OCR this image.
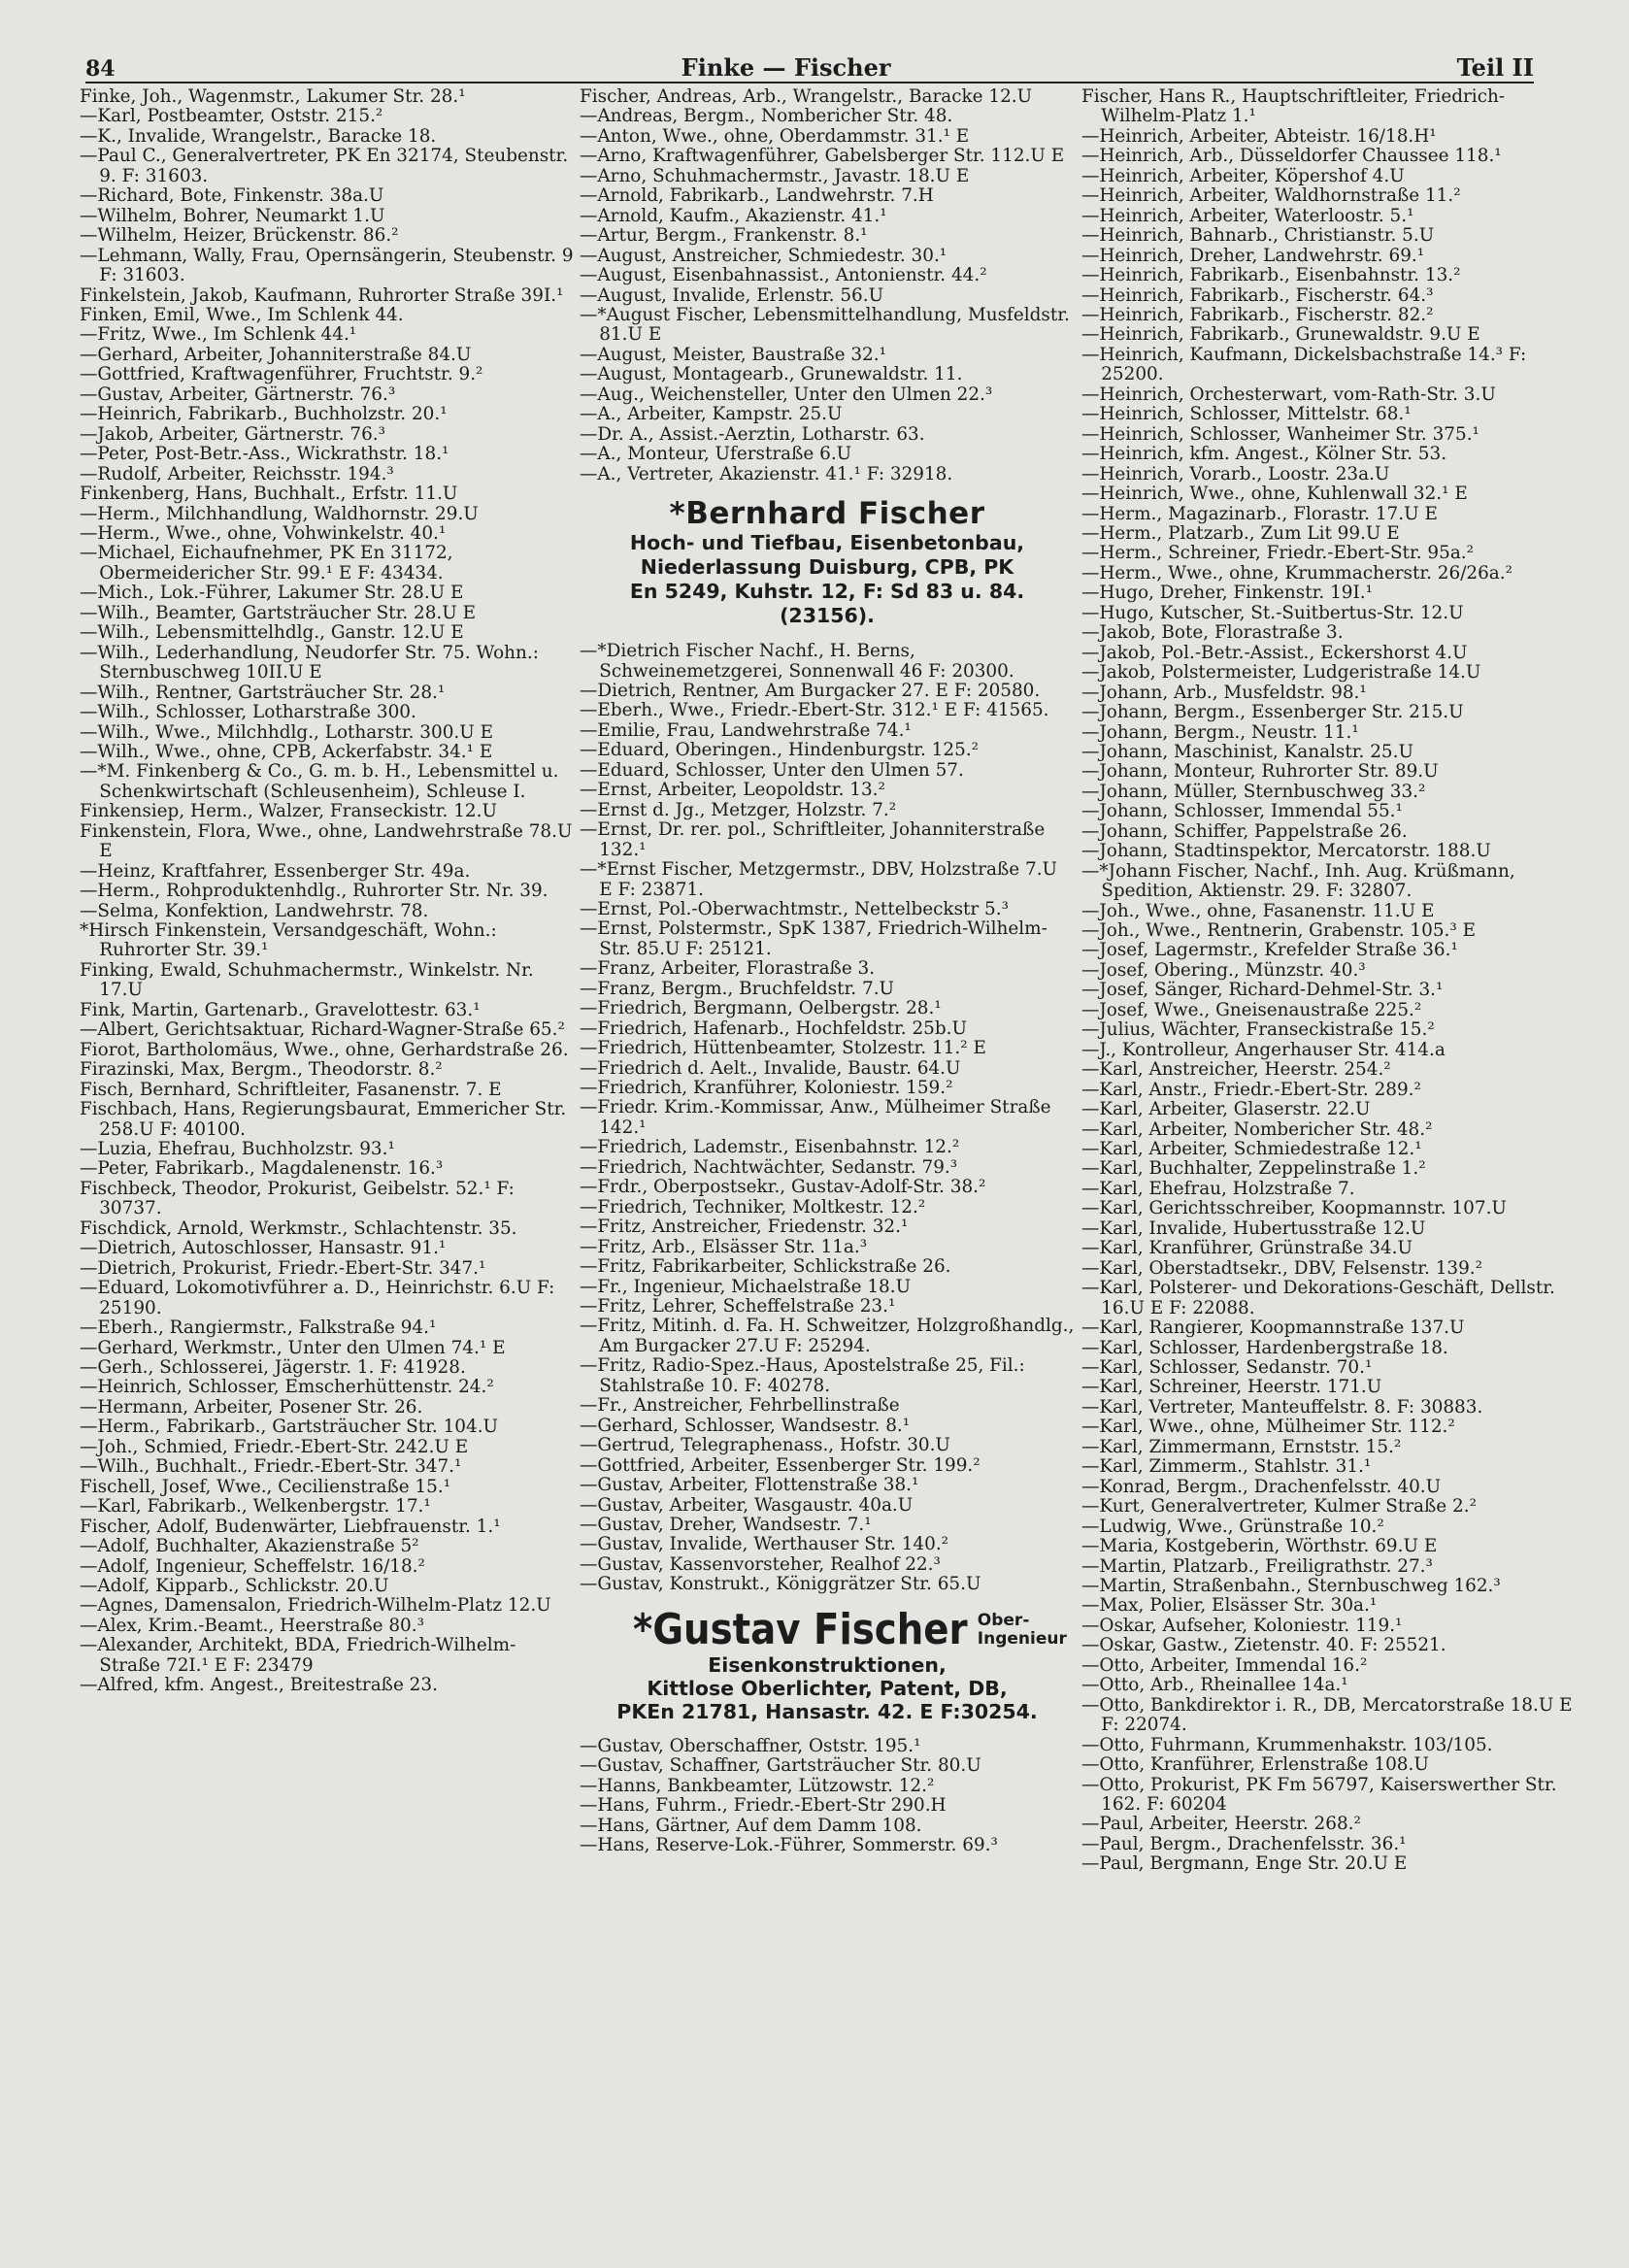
84	Finke — Fischer	Teil II

Finke, Joh., Wagenmstr., Lakumer Str. 28.¹

—Karl, Postbeamter, Oststr. 215.²

—K., Invalide, Wrangelstr., Baracke 18.

—Paul C., Generalvertreter, PK En 32174, Steubenstr. 9. F: 31603.

—Richard, Bote, Finkenstr. 38a.U

—Wilhelm, Bohrer, Neumarkt 1.U

—Wilhelm, Heizer, Brückenstr. 86.²

—Lehmann, Wally, Frau, Opernsängerin, Steubenstr. 9 F: 31603.

Finkelstein, Jakob, Kaufmann, Ruhrorter Straße 39I.¹

Finken, Emil, Wwe., Im Schlenk 44.

—Fritz, Wwe., Im Schlenk 44.¹

—Gerhard, Arbeiter, Johanniterstraße 84.U

—Gottfried, Kraftwagenführer, Fruchtstr. 9.²

—Gustav, Arbeiter, Gärtnerstr. 76.³

—Heinrich, Fabrikarb., Buchholzstr. 20.¹

—Jakob, Arbeiter, Gärtnerstr. 76.³

—Peter, Post-Betr.-Ass., Wickrathstr. 18.¹

—Rudolf, Arbeiter, Reichsstr. 194.³

Finkenberg, Hans, Buchhalt., Erfstr. 11.U

—Herm., Milchhandlung, Waldhornstr. 29.U

—Herm., Wwe., ohne, Vohwinkelstr. 40.¹

—Michael, Eichaufnehmer, PK En 31172, Obermeidericher Str. 99.¹ E F: 43434.

—Mich., Lok.-Führer, Lakumer Str. 28.U E

—Wilh., Beamter, Gartsträucher Str. 28.U E

—Wilh., Lebensmittelhdlg., Ganstr. 12.U E

—Wilh., Lederhandlung, Neudorfer Str. 75. Wohn.: Sternbuschweg 10II.U E

—Wilh., Rentner, Gartsträucher Str. 28.¹

—Wilh., Schlosser, Lotharstraße 300.

—Wilh., Wwe., Milchhdlg., Lotharstr. 300.U E

—Wilh., Wwe., ohne, CPB, Ackerfabstr. 34.¹ E

—*M. Finkenberg & Co., G. m. b. H., Lebensmittel u. Schenkwirtschaft (Schleusenheim), Schleuse I.

Finkensiep, Herm., Walzer, Franseckistr. 12.U

Finkenstein, Flora, Wwe., ohne, Landwehrstraße 78.U E

—Heinz, Kraftfahrer, Essenberger Str. 49a.

—Herm., Rohproduktenhdlg., Ruhrorter Str. Nr. 39.

—Selma, Konfektion, Landwehrstr. 78.

*Hirsch Finkenstein, Versandgeschäft, Wohn.: Ruhrorter Str. 39.¹

Finking, Ewald, Schuhmachermstr., Winkelstr. Nr. 17.U

Fink, Martin, Gartenarb., Gravelottestr. 63.¹

—Albert, Gerichtsaktuar, Richard-Wagner-Straße 65.²

Fiorot, Bartholomäus, Wwe., ohne, Gerhardstraße 26.

Firazinski, Max, Bergm., Theodorstr. 8.²

Fisch, Bernhard, Schriftleiter, Fasanenstr. 7. E

Fischbach, Hans, Regierungsbaurat, Emmericher Str. 258.U F: 40100.

—Luzia, Ehefrau, Buchholzstr. 93.¹

—Peter, Fabrikarb., Magdalenenstr. 16.³

Fischbeck, Theodor, Prokurist, Geibelstr. 52.¹ F: 30737.

Fischdick, Arnold, Werkmstr., Schlachtenstr. 35.

—Dietrich, Autoschlosser, Hansastr. 91.¹

—Dietrich, Prokurist, Friedr.-Ebert-Str. 347.¹

—Eduard, Lokomotivführer a. D., Heinrichstr. 6.U F: 25190.

—Eberh., Rangiermstr., Falkstraße 94.¹

—Gerhard, Werkmstr., Unter den Ulmen 74.¹ E

—Gerh., Schlosserei, Jägerstr. 1. F: 41928.

—Heinrich, Schlosser, Emscherhüttenstr. 24.²

—Hermann, Arbeiter, Posener Str. 26.

—Herm., Fabrikarb., Gartsträucher Str. 104.U

—Joh., Schmied, Friedr.-Ebert-Str. 242.U E

—Wilh., Buchhalt., Friedr.-Ebert-Str. 347.¹

Fischell, Josef, Wwe., Cecilienstraße 15.¹

—Karl, Fabrikarb., Welkenbergstr. 17.¹

Fischer, Adolf, Budenwärter, Liebfrauenstr. 1.¹

—Adolf, Buchhalter, Akazienstraße 5²

—Adolf, Ingenieur, Scheffelstr. 16/18.²

—Adolf, Kipparb., Schlickstr. 20.U

—Agnes, Damensalon, Friedrich-Wilhelm-Platz 12.U

—Alex, Krim.-Beamt., Heerstraße 80.³

—Alexander, Architekt, BDA, Friedrich-Wilhelm-Straße 72I.¹ E F: 23479

—Alfred, kfm. Angest., Breitestraße 23.

Fischer, Andreas, Arb., Wrangelstr., Baracke 12.U

—Andreas, Bergm., Nombericher Str. 48.

—Anton, Wwe., ohne, Oberdammstr. 31.¹ E

—Arno, Kraftwagenführer, Gabelsberger Str. 112.U E

—Arno, Schuhmachermstr., Javastr. 18.U E

—Arnold, Fabrikarb., Landwehrstr. 7.H

—Arnold, Kaufm., Akazienstr. 41.¹

—Artur, Bergm., Frankenstr. 8.¹

—August, Anstreicher, Schmiedestr. 30.¹

—August, Eisenbahnassist., Antonienstr. 44.²

—August, Invalide, Erlenstr. 56.U

—*August Fischer, Lebensmittelhandlung, Musfeldstr. 81.U E

—August, Meister, Baustraße 32.¹

—August, Montagearb., Grunewaldstr. 11.

—Aug., Weichensteller, Unter den Ulmen 22.³

—A., Arbeiter, Kampstr. 25.U

—Dr. A., Assist.-Aerztin, Lotharstr. 63.

—A., Monteur, Uferstraße 6.U

—A., Vertreter, Akazienstr. 41.¹ F: 32918.

*Bernhard Fischer
Hoch- und Tiefbau, Eisenbetonbau,
Niederlassung Duisburg, CPB, PK
En 5249, Kuhstr. 12, F: Sd 83 u. 84.
(23156).

—*Dietrich Fischer Nachf., H. Berns, Schweinemetzgerei, Sonnenwall 46 F: 20300.

—Dietrich, Rentner, Am Burgacker 27. E F: 20580.

—Eberh., Wwe., Friedr.-Ebert-Str. 312.¹ E F: 41565.

—Emilie, Frau, Landwehrstraße 74.¹

—Eduard, Oberingen., Hindenburgstr. 125.²

—Eduard, Schlosser, Unter den Ulmen 57.

—Ernst, Arbeiter, Leopoldstr. 13.²

—Ernst d. Jg., Metzger, Holzstr. 7.²

—Ernst, Dr. rer. pol., Schriftleiter, Johanniterstraße 132.¹

—*Ernst Fischer, Metzgermstr., DBV, Holzstraße 7.U E F: 23871.

—Ernst, Pol.-Oberwachtmstr., Nettelbeckstr 5.³

—Ernst, Polstermstr., SpK 1387, Friedrich-Wilhelm-Str. 85.U F: 25121.

—Franz, Arbeiter, Florastraße 3.

—Franz, Bergm., Bruchfeldstr. 7.U

—Friedrich, Bergmann, Oelbergstr. 28.¹

—Friedrich, Hafenarb., Hochfeldstr. 25b.U

—Friedrich, Hüttenbeamter, Stolzestr. 11.² E

—Friedrich d. Aelt., Invalide, Baustr. 64.U

—Friedrich, Kranführer, Koloniestr. 159.²

—Friedr. Krim.-Kommissar, Anw., Mülheimer Straße 142.¹

—Friedrich, Lademstr., Eisenbahnstr. 12.²

—Friedrich, Nachtwächter, Sedanstr. 79.³

—Frdr., Oberpostsekr., Gustav-Adolf-Str. 38.²

—Friedrich, Techniker, Moltkestr. 12.²

—Fritz, Anstreicher, Friedenstr. 32.¹

—Fritz, Arb., Elsässer Str. 11a.³

—Fritz, Fabrikarbeiter, Schlickstraße 26.

—Fr., Ingenieur, Michaelstraße 18.U

—Fritz, Lehrer, Scheffelstraße 23.¹

—Fritz, Mitinh. d. Fa. H. Schweitzer, Holzgroßhandlg., Am Burgacker 27.U F: 25294.

—Fritz, Radio-Spez.-Haus, Apostelstraße 25, Fil.: Stahlstraße 10. F: 40278.

—Fr., Anstreicher, Fehrbellinstraße

—Gerhard, Schlosser, Wandsestr. 8.¹

—Gertrud, Telegraphenass., Hofstr. 30.U

—Gottfried, Arbeiter, Essenberger Str. 199.²

—Gustav, Arbeiter, Flottenstraße 38.¹

—Gustav, Arbeiter, Wasgaustr. 40a.U

—Gustav, Dreher, Wandsestr. 7.¹

—Gustav, Invalide, Werthauser Str. 140.²

—Gustav, Kassenvorsteher, Realhof 22.³

—Gustav, Konstrukt., Königgrätzer Str. 65.U

*Gustav Fischer Ober-
Ingenieur
Eisenkonstruktionen,
Kittlose Oberlichter, Patent, DB,
PKEn 21781, Hansastr. 42. E F:30254.

—Gustav, Oberschaffner, Oststr. 195.¹

—Gustav, Schaffner, Gartsträucher Str. 80.U

—Hanns, Bankbeamter, Lützowstr. 12.²

—Hans, Fuhrm., Friedr.-Ebert-Str 290.H

—Hans, Gärtner, Auf dem Damm 108.

—Hans, Reserve-Lok.-Führer, Sommerstr. 69.³

Fischer, Hans R., Hauptschriftleiter, Friedrich-Wilhelm-Platz 1.¹

—Heinrich, Arbeiter, Abteistr. 16/18.H¹

—Heinrich, Arb., Düsseldorfer Chaussee 118.¹

—Heinrich, Arbeiter, Köpershof 4.U

—Heinrich, Arbeiter, Waldhornstraße 11.²

—Heinrich, Arbeiter, Waterloostr. 5.¹

—Heinrich, Bahnarb., Christianstr. 5.U

—Heinrich, Dreher, Landwehrstr. 69.¹

—Heinrich, Fabrikarb., Eisenbahnstr. 13.²

—Heinrich, Fabrikarb., Fischerstr. 64.³

—Heinrich, Fabrikarb., Fischerstr. 82.²

—Heinrich, Fabrikarb., Grunewaldstr. 9.U E

—Heinrich, Kaufmann, Dickelsbachstraße 14.³ F: 25200.

—Heinrich, Orchesterwart, vom-Rath-Str. 3.U

—Heinrich, Schlosser, Mittelstr. 68.¹

—Heinrich, Schlosser, Wanheimer Str. 375.¹

—Heinrich, kfm. Angest., Kölner Str. 53.

—Heinrich, Vorarb., Loostr. 23a.U

—Heinrich, Wwe., ohne, Kuhlenwall 32.¹ E

—Herm., Magazinarb., Florastr. 17.U E

—Herm., Platzarb., Zum Lit 99.U E

—Herm., Schreiner, Friedr.-Ebert-Str. 95a.²

—Herm., Wwe., ohne, Krummacherstr. 26/26a.²

—Hugo, Dreher, Finkenstr. 19I.¹

—Hugo, Kutscher, St.-Suitbertus-Str. 12.U

—Jakob, Bote, Florastraße 3.

—Jakob, Pol.-Betr.-Assist., Eckershorst 4.U

—Jakob, Polstermeister, Ludgeristraße 14.U

—Johann, Arb., Musfeldstr. 98.¹

—Johann, Bergm., Essenberger Str. 215.U

—Johann, Bergm., Neustr. 11.¹

—Johann, Maschinist, Kanalstr. 25.U

—Johann, Monteur, Ruhrorter Str. 89.U

—Johann, Müller, Sternbuschweg 33.²

—Johann, Schlosser, Immendal 55.¹

—Johann, Schiffer, Pappelstraße 26.

—Johann, Stadtinspektor, Mercatorstr. 188.U

—*Johann Fischer, Nachf., Inh. Aug. Krüßmann, Spedition, Aktienstr. 29. F: 32807.

—Joh., Wwe., ohne, Fasanenstr. 11.U E

—Joh., Wwe., Rentnerin, Grabenstr. 105.³ E

—Josef, Lagermstr., Krefelder Straße 36.¹

—Josef, Obering., Münzstr. 40.³

—Josef, Sänger, Richard-Dehmel-Str. 3.¹

—Josef, Wwe., Gneisenaustraße 225.²

—Julius, Wächter, Franseckistraße 15.²

—J., Kontrolleur, Angerhauser Str. 414.a

—Karl, Anstreicher, Heerstr. 254.²

—Karl, Anstr., Friedr.-Ebert-Str. 289.²

—Karl, Arbeiter, Glaserstr. 22.U

—Karl, Arbeiter, Nombericher Str. 48.²

—Karl, Arbeiter, Schmiedestraße 12.¹

—Karl, Buchhalter, Zeppelinstraße 1.²

—Karl, Ehefrau, Holzstraße 7.

—Karl, Gerichtsschreiber, Koopmannstr. 107.U

—Karl, Invalide, Hubertusstraße 12.U

—Karl, Kranführer, Grünstraße 34.U

—Karl, Oberstadtsekr., DBV, Felsenstr. 139.²

—Karl, Polsterer- und Dekorations-Geschäft, Dellstr. 16.U E F: 22088.

—Karl, Rangierer, Koopmannstraße 137.U

—Karl, Schlosser, Hardenbergstraße 18.

—Karl, Schlosser, Sedanstr. 70.¹

—Karl, Schreiner, Heerstr. 171.U

—Karl, Vertreter, Manteuffelstr. 8. F: 30883.

—Karl, Wwe., ohne, Mülheimer Str. 112.²

—Karl, Zimmermann, Ernststr. 15.²

—Karl, Zimmerm., Stahlstr. 31.¹

—Konrad, Bergm., Drachenfelsstr. 40.U

—Kurt, Generalvertreter, Kulmer Straße 2.²

—Ludwig, Wwe., Grünstraße 10.²

—Maria, Kostgeberin, Wörthstr. 69.U E

—Martin, Platzarb., Freiligrathstr. 27.³

—Martin, Straßenbahn., Sternbuschweg 162.³

—Max, Polier, Elsässer Str. 30a.¹

—Oskar, Aufseher, Koloniestr. 119.¹

—Oskar, Gastw., Zietenstr. 40. F: 25521.

—Otto, Arbeiter, Immendal 16.²

—Otto, Arb., Rheinallee 14a.¹

—Otto, Bankdirektor i. R., DB, Mercatorstraße 18.U E F: 22074.

—Otto, Fuhrmann, Krummenhakstr. 103/105.

—Otto, Kranführer, Erlenstraße 108.U

—Otto, Prokurist, PK Fm 56797, Kaiserswerther Str. 162. F: 60204

—Paul, Arbeiter, Heerstr. 268.²

—Paul, Bergm., Drachenfelsstr. 36.¹

—Paul, Bergmann, Enge Str. 20.U E
